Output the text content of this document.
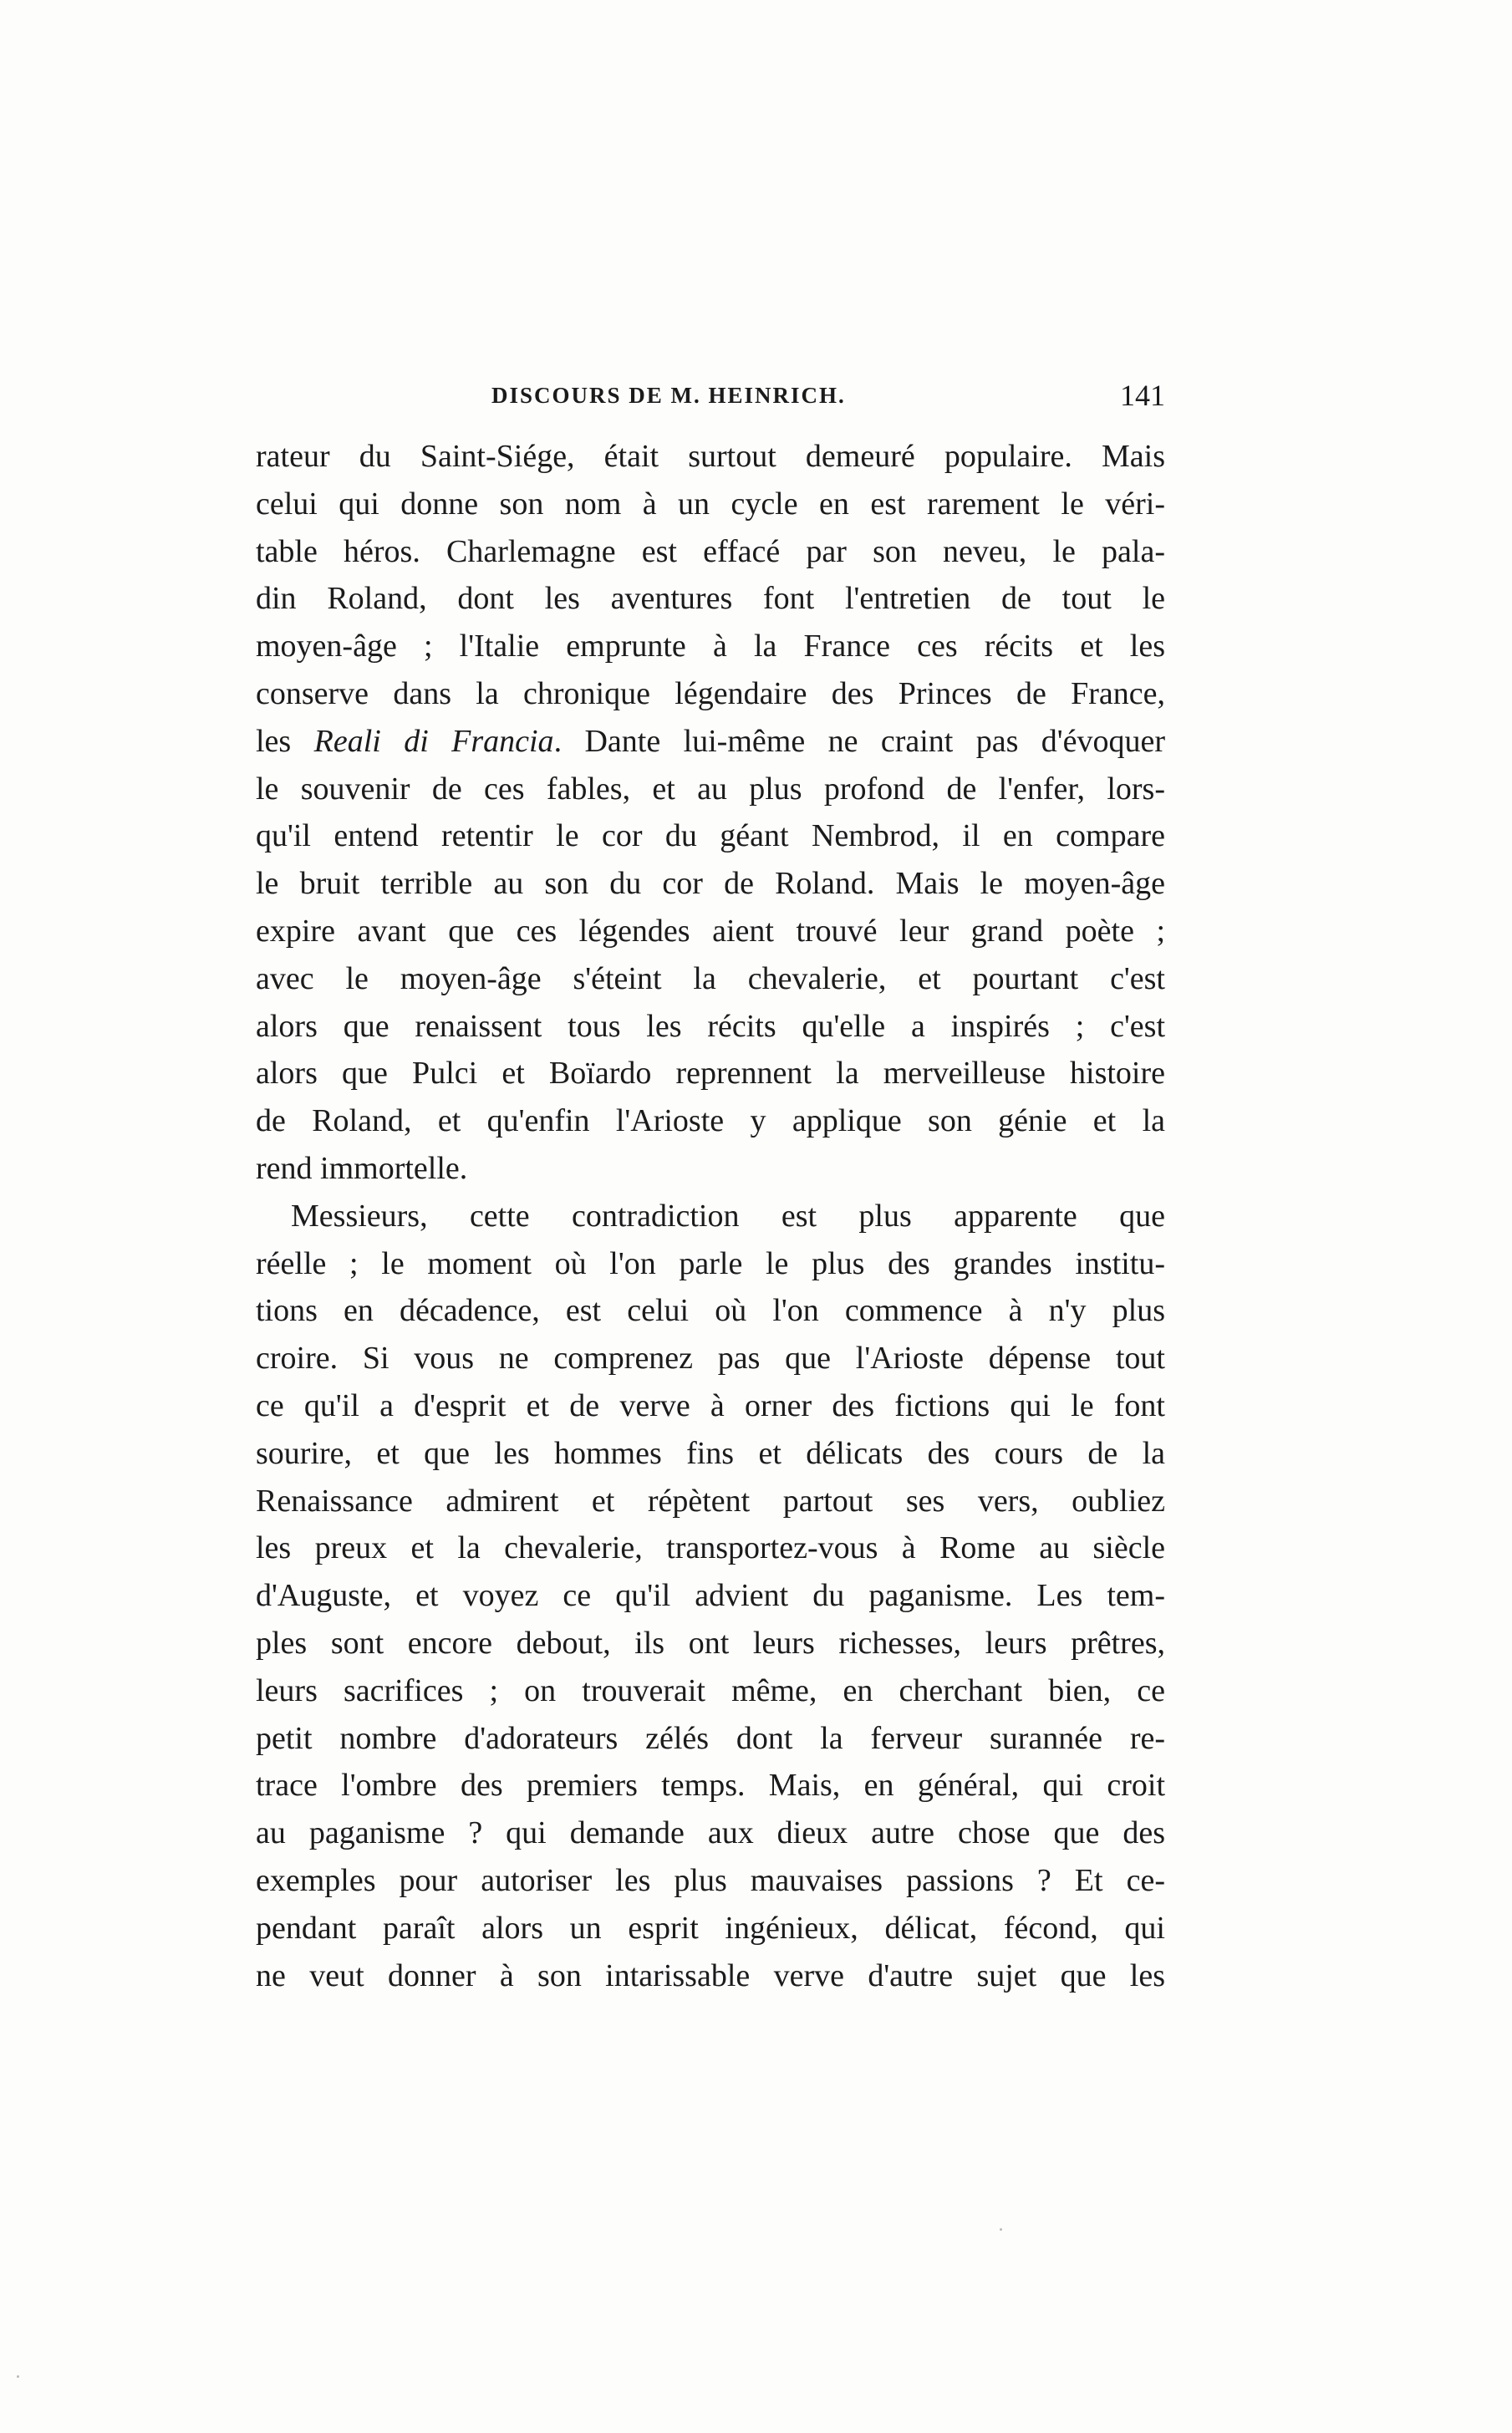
DISCOURS DE M. HEINRICH.	141
rateur du Saint-Siége, était surtout demeuré populaire. Mais
celui qui donne son nom à un cycle en est rarement le véri-
table héros. Charlemagne est effacé par son neveu, le pala-
din Roland, dont les aventures font l'entretien de tout le
moyen-âge ; l'Italie emprunte à la France ces récits et les
conserve dans la chronique légendaire des Princes de France,
les Reali di Francia. Dante lui-même ne craint pas d'évoquer
le souvenir de ces fables, et au plus profond de l'enfer, lors-
qu'il entend retentir le cor du géant Nembrod, il en compare
le bruit terrible au son du cor de Roland. Mais le moyen-âge
expire avant que ces légendes aient trouvé leur grand poète ;
avec le moyen-âge s'éteint la chevalerie, et pourtant c'est
alors que renaissent tous les récits qu'elle a inspirés ; c'est
alors que Pulci et Boïardo reprennent la merveilleuse histoire
de Roland, et qu'enfin l'Arioste y applique son génie et la
rend immortelle.
Messieurs, cette contradiction est plus apparente que
réelle ; le moment où l'on parle le plus des grandes institu-
tions en décadence, est celui où l'on commence à n'y plus
croire. Si vous ne comprenez pas que l'Arioste dépense tout
ce qu'il a d'esprit et de verve à orner des fictions qui le font
sourire, et que les hommes fins et délicats des cours de la
Renaissance admirent et répètent partout ses vers, oubliez
les preux et la chevalerie, transportez-vous à Rome au siècle
d'Auguste, et voyez ce qu'il advient du paganisme. Les tem-
ples sont encore debout, ils ont leurs richesses, leurs prêtres,
leurs sacrifices ; on trouverait même, en cherchant bien, ce
petit nombre d'adorateurs zélés dont la ferveur surannée re-
trace l'ombre des premiers temps. Mais, en général, qui croit
au paganisme ? qui demande aux dieux autre chose que des
exemples pour autoriser les plus mauvaises passions ? Et ce-
pendant paraît alors un esprit ingénieux, délicat, fécond, qui
ne veut donner à son intarissable verve d'autre sujet que les
